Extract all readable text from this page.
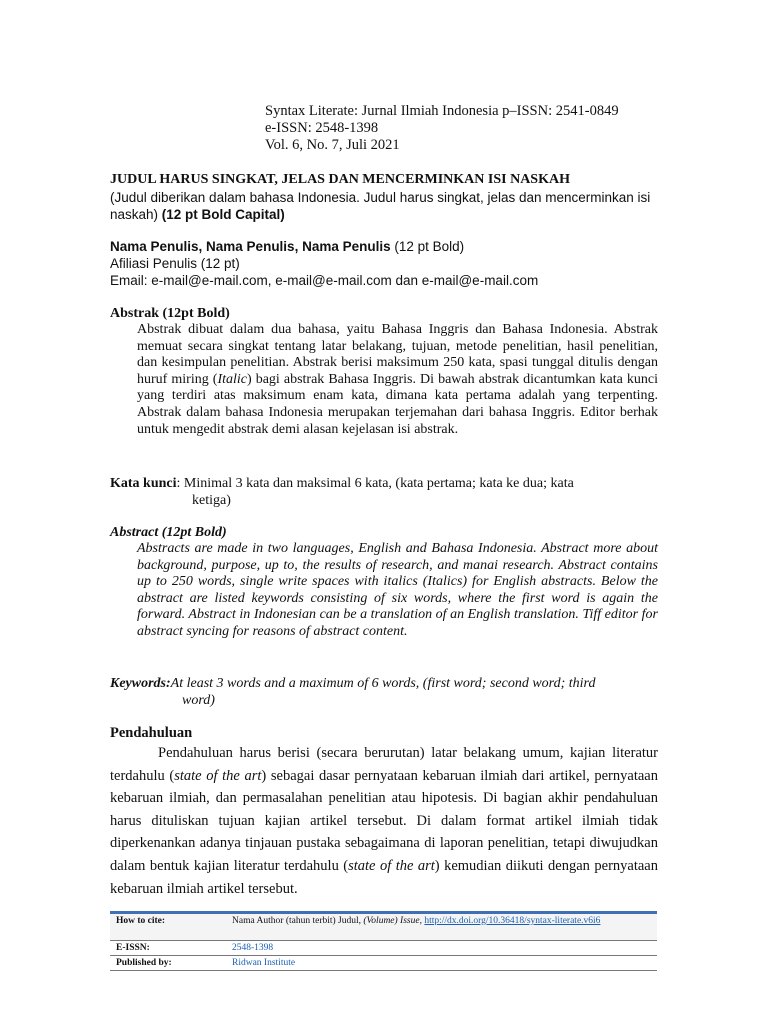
Syntax Literate: Jurnal Ilmiah Indonesia p–ISSN: 2541-0849
e-ISSN: 2548-1398
Vol. 6, No. 7, Juli 2021
JUDUL HARUS SINGKAT, JELAS DAN MENCERMINKAN ISI NASKAH
(Judul diberikan dalam bahasa Indonesia. Judul harus singkat, jelas dan mencerminkan isi naskah) (12 pt Bold Capital)
Nama Penulis, Nama Penulis, Nama Penulis (12 pt Bold)
Afiliasi Penulis (12 pt)
Email: e-mail@e-mail.com, e-mail@e-mail.com dan e-mail@e-mail.com
Abstrak (12pt Bold)
Abstrak dibuat dalam dua bahasa, yaitu Bahasa Inggris dan Bahasa Indonesia. Abstrak memuat secara singkat tentang latar belakang, tujuan, metode penelitian, hasil penelitian, dan kesimpulan penelitian. Abstrak berisi maksimum 250 kata, spasi tunggal ditulis dengan huruf miring (Italic) bagi abstrak Bahasa Inggris. Di bawah abstrak dicantumkan kata kunci yang terdiri atas maksimum enam kata, dimana kata pertama adalah yang terpenting. Abstrak dalam bahasa Indonesia merupakan terjemahan dari bahasa Inggris. Editor berhak untuk mengedit abstrak demi alasan kejelasan isi abstrak.
Kata kunci : Minimal 3 kata dan maksimal 6 kata, (kata pertama; kata ke dua; kata
ketiga)
Abstract (12pt Bold)
Abstracts are made in two languages, English and Bahasa Indonesia. Abstract more about background, purpose, up to, the results of research, and manai research. Abstract contains up to 250 words, single write spaces with italics (Italics) for English abstracts. Below the abstract are listed keywords consisting of six words, where the first word is again the forward. Abstract in Indonesian can be a translation of an English translation. Tiff editor for abstract syncing for reasons of abstract content.
Keywords: At least 3 words and a maximum of 6 words, (first word; second word; third
word)
Pendahuluan
Pendahuluan harus berisi (secara berurutan) latar belakang umum, kajian literatur terdahulu (state of the art) sebagai dasar pernyataan kebaruan ilmiah dari artikel, pernyataan kebaruan ilmiah, dan permasalahan penelitian atau hipotesis. Di bagian akhir pendahuluan harus dituliskan tujuan kajian artikel tersebut. Di dalam format artikel ilmiah tidak diperkenankan adanya tinjauan pustaka sebagaimana di laporan penelitian, tetapi diwujudkan dalam bentuk kajian literatur terdahulu (state of the art) kemudian diikuti dengan pernyataan kebaruan ilmiah artikel tersebut.
How to cite:	Nama Author (tahun terbit) Judul, (Volume) Issue, http://dx.doi.org/10.36418/syntax-literate.v6i6
E-ISSN:	2548-1398
Published by:	Ridwan Institute
